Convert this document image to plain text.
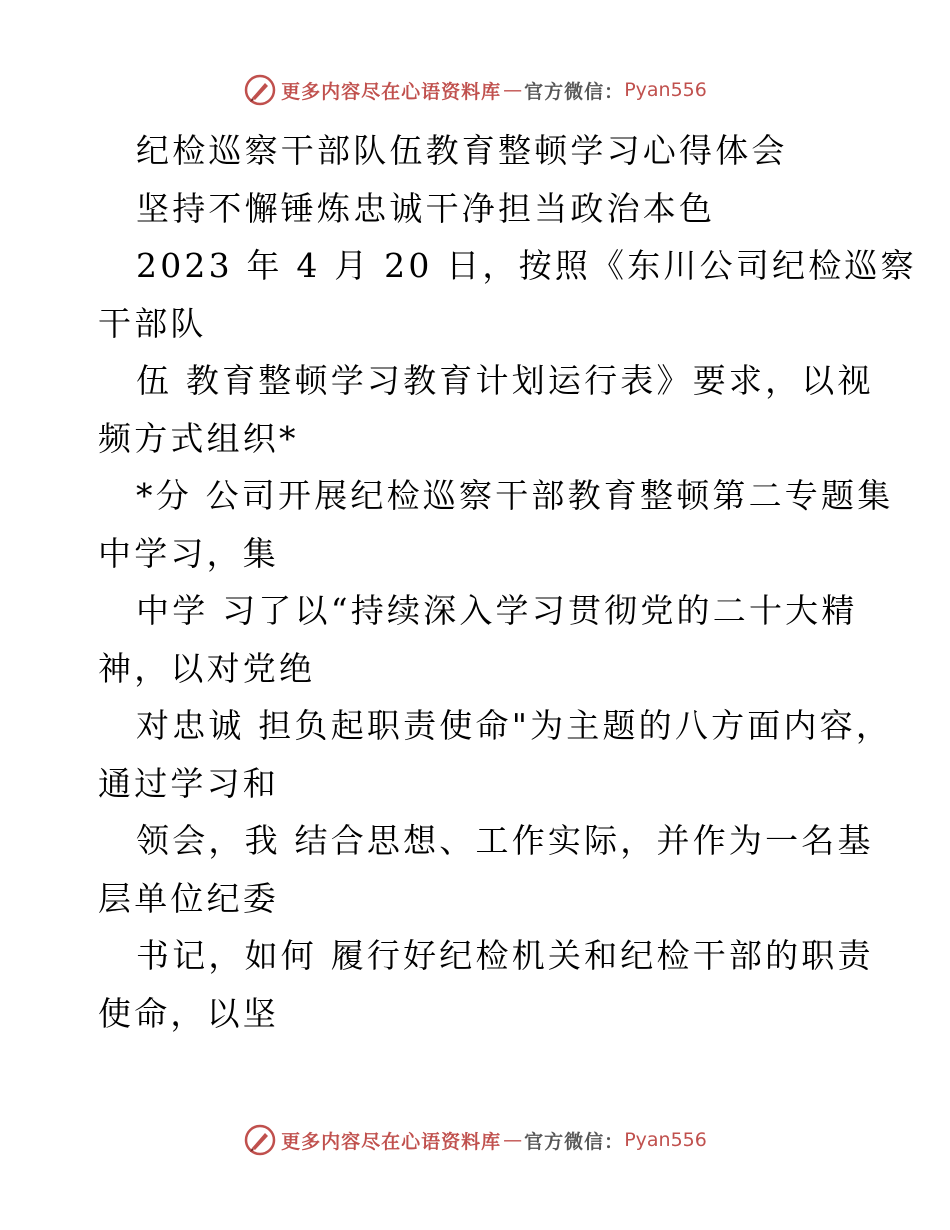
更多内容尽在心语资料库 — 官方微信： Pyan556
纪检巡察干部队伍教育整顿学习心得体会
坚持不懈锤炼忠诚干净担当政治本色
2023 年 4 月 20 日，按照《东川公司纪检巡察
干部队
伍 教育整顿学习教育计划运行表》要求，以视
频方式组织*
*分 公司开展纪检巡察干部教育整顿第二专题集
中学习，集
中学 习了以“持续深入学习贯彻党的二十大精
神，以对党绝
对忠诚 担负起职责使命"为主题的八方面内容，
通过学习和
领会，我 结合思想、工作实际，并作为一名基
层单位纪委
书记，如何 履行好纪检机关和纪检干部的职责
使命，以坚
更多内容尽在心语资料库 — 官方微信： Pyan556
